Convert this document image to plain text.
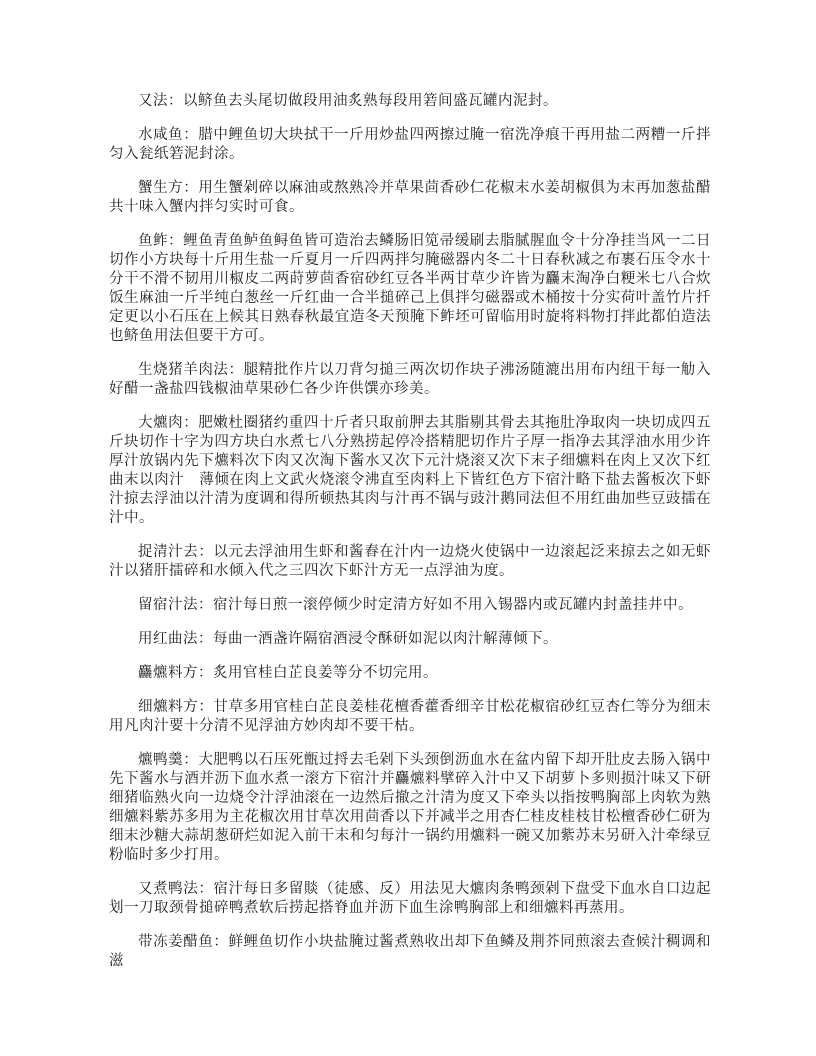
又法：以鲚鱼去头尾切做段用油炙熟每段用箬间盛瓦罐内泥封。

水咸鱼：腊中鲤鱼切大块拭干一斤用炒盐四两擦过腌一宿洗净痕干再用盐二两糟一斤拌匀入瓮纸箬泥封涂。

蟹生方：用生蟹剁碎以麻油或熬熟冷并草果茴香砂仁花椒末水姜胡椒俱为末再加葱盐醋共十味入蟹内拌匀实时可食。

鱼鲊：鲤鱼青鱼鲈鱼鲟鱼皆可造治去鳞肠旧笕帚缓刷去脂腻腥血令十分净挂当风一二日切作小方块每十斤用生盐一斤夏月一斤四两拌匀腌磁器内冬二十日春秋减之布裹石压令水十分干不滑不韧用川椒皮二两莳萝茴香宿砂红豆各半两甘草少许皆为麤末淘净白粳米七八合炊饭生麻油一斤半纯白葱丝一斤红曲一合半搥碎己上俱拌匀磁器或木桶按十分实荷叶盖竹片扦定更以小石压在上候其日熟春秋最宜造冬天预腌下鲊坯可留临用时旋将料物打拌此都伯造法也鲚鱼用法但要干方可。

生烧猪羊肉法：腿精批作片以刀背匀搥三两次切作块子沸汤随漉出用布内纽干每一觔入好醋一盏盐四钱椒油草果砂仁各少许供馔亦珍美。

大爊肉：肥嫩杜圈猪约重四十斤者只取前胛去其脂剔其骨去其拖肚净取肉一块切成四五斤块切作十字为四方块白水煮七八分熟捞起停冷搭精肥切作片子厚一指净去其浮油水用少许厚汁放锅内先下爊料次下肉又次淘下酱水又次下元汁烧滚又次下末子细爊料在肉上又次下红曲末以肉汁　薄倾在肉上文武火烧滚令沸直至肉料上下皆红色方下宿汁略下盐去酱板次下虾汁掠去浮油以汁清为度调和得所顿热其肉与汁再不锅与豉汁鹅同法但不用红曲加些豆豉擂在汁中。

捉清汁去：以元去浮油用生虾和酱舂在汁内一边烧火使锅中一边滚起泛来掠去之如无虾汁以猪肝擂碎和水倾入代之三四次下虾汁方无一点浮油为度。

留宿汁法：宿汁每日煎一滚停倾少时定清方好如不用入锡器内或瓦罐内封盖挂井中。

用红曲法：每曲一酒盏许隔宿酒浸令酥研如泥以肉汁解薄倾下。

麤爊料方：炙用官桂白芷良姜等分不切完用。

细爊料方：甘草多用官桂白芷良姜桂花檀香藿香细辛甘松花椒宿砂红豆杏仁等分为细末用凡肉汁要十分清不见浮油方妙肉却不要干枯。

爊鸭羹：大肥鸭以石压死甑过捋去毛剁下头颈倒沥血水在盆内留下却开肚皮去肠入锅中先下酱水与酒并沥下血水煮一滚方下宿汁并麤爊料擘碎入汁中又下胡萝卜多则损汁味又下研细猪临熟火向一边烧令汁浮油滚在一边然后撤之汁清为度又下牵头以指按鸭胸部上肉软为熟细爊料紫苏多用为主花椒次用甘草次用茴香以下并减半之用杏仁桂皮桂枝甘松檀香砂仁研为细末沙糖大蒜胡葱研烂如泥入前干末和匀每汁一锅约用爊料一碗又加紫苏末另研入汁牵绿豆粉临时多少打用。

又煮鸭法：宿汁每日多留賧（徒感、反）用法见大爊肉条鸭颈剁下盘受下血水自口边起划一刀取颈骨搥碎鸭煮软后捞起搭脊血并沥下血生涂鸭胸部上和细爊料再蒸用。

带冻姜醋鱼：鲜鲤鱼切作小块盐腌过酱煮熟收出却下鱼鳞及荆芥同煎滚去查候汁稠调和滋
